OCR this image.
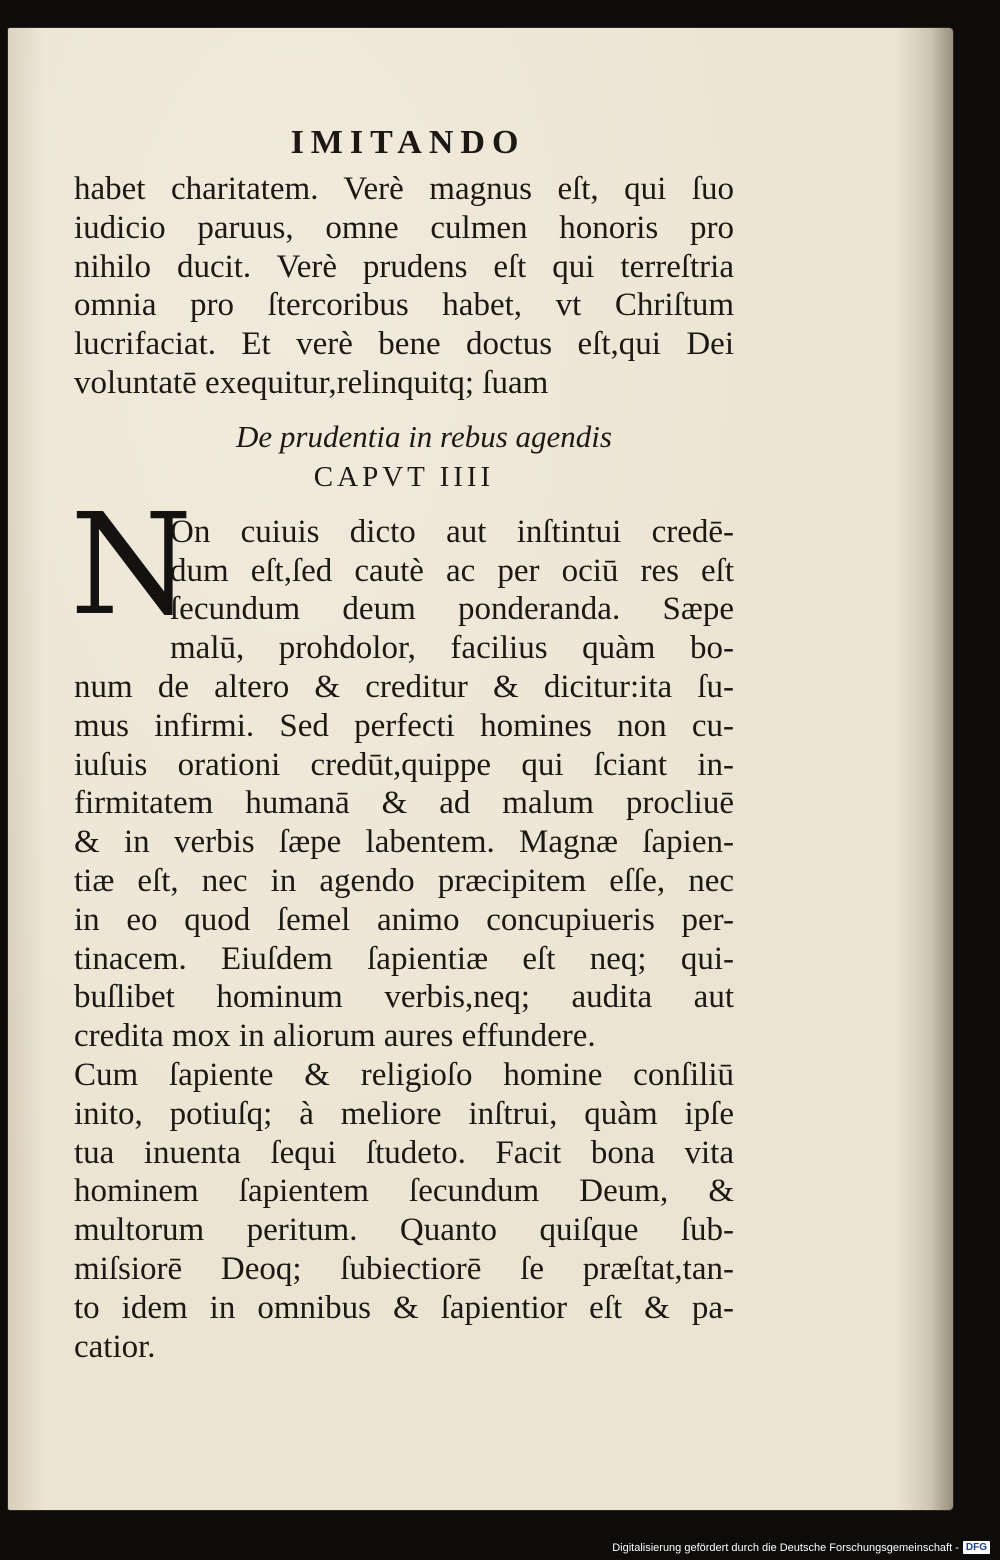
IMITANDO
habet charitatem. Verè magnus eſt, qui ſuo
iudicio paruus, omne culmen honoris pro
nihilo ducit. Verè prudens eſt qui terreſtria
omnia pro ſtercoribus habet, vt Chriſtum
lucrifaciat. Et verè bene doctus eſt,qui Dei
voluntatē exequitur,relinquitq; ſuam
De prudentia in rebus agendis
CAPVT IIII
N
On cuiuis dicto aut inſtintui credē-
dum eſt,ſed cautè ac per ociū res eſt
ſecundum deum ponderanda. Sæpe
malū, prohdolor, facilius quàm bo-
num de altero & creditur & dicitur:ita ſu-
mus infirmi. Sed perfecti homines non cu-
iuſuis orationi credūt,quippe qui ſciant in-
firmitatem humanā & ad malum procliuē
& in verbis ſæpe labentem. Magnæ ſapien-
tiæ eſt, nec in agendo præcipitem eſſe, nec
in eo quod ſemel animo concupiueris per-
tinacem. Eiuſdem ſapientiæ eſt neq; qui-
buſlibet hominum verbis,neq; audita aut
credita mox in aliorum aures effundere.
Cum ſapiente & religioſo homine conſiliū
inito, potiuſq; à meliore inſtrui, quàm ipſe
tua inuenta ſequi ſtudeto. Facit bona vita
hominem ſapientem ſecundum Deum, &
multorum peritum. Quanto quiſque ſub-
miſsiorē Deoq; ſubiectiorē ſe præſtat,tan-
to idem in omnibus & ſapientior eſt & pa-
catior.
Digitalisierung gefördert durch die Deutsche Forschungsgemeinschaft - DFG
